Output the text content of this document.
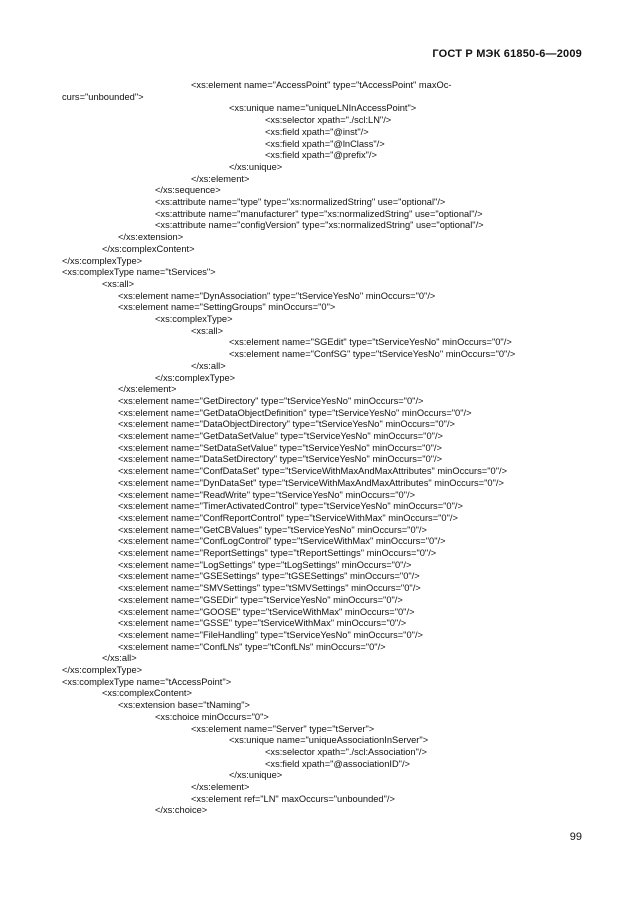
ГОСТ Р МЭК 61850-6—2009
<xs:element name="AccessPoint" type="tAccessPoint" maxOc-
curs="unbounded">
<xs:unique name="uniqueLNInAccessPoint">
<xs:selector xpath="./scl:LN"/>
<xs:field xpath="@inst"/>
<xs:field xpath="@lnClass"/>
<xs:field xpath="@prefix"/>
</xs:unique>
</xs:element>
</xs:sequence>
<xs:attribute name="type" type="xs:normalizedString" use="optional"/>
<xs:attribute name="manufacturer" type="xs:normalizedString" use="optional"/>
<xs:attribute name="configVersion" type="xs:normalizedString" use="optional"/>
</xs:extension>
</xs:complexContent>
</xs:complexType>
<xs:complexType name="tServices">
<xs:all>
<xs:element name="DynAssociation" type="tServiceYesNo" minOccurs="0"/>
<xs:element name="SettingGroups" minOccurs="0">
<xs:complexType>
<xs:all>
<xs:element name="SGEdit" type="tServiceYesNo" minOccurs="0"/>
<xs:element name="ConfSG" type="tServiceYesNo" minOccurs="0"/>
</xs:all>
</xs:complexType>
</xs:element>
<xs:element name="GetDirectory" type="tServiceYesNo" minOccurs="0"/>
<xs:element name="GetDataObjectDefinition" type="tServiceYesNo" minOccurs="0"/>
<xs:element name="DataObjectDirectory" type="tServiceYesNo" minOccurs="0"/>
<xs:element name="GetDataSetValue" type="tServiceYesNo" minOccurs="0"/>
<xs:element name="SetDataSetValue" type="tServiceYesNo" minOccurs="0"/>
<xs:element name="DataSetDirectory" type="tServiceYesNo" minOccurs="0"/>
<xs:element name="ConfDataSet" type="tServiceWithMaxAndMaxAttributes" minOccurs="0"/>
<xs:element name="DynDataSet" type="tServiceWithMaxAndMaxAttributes" minOccurs="0"/>
<xs:element name="ReadWrite" type="tServiceYesNo" minOccurs="0"/>
<xs:element name="TimerActivatedControl" type="tServiceYesNo" minOccurs="0"/>
<xs:element name="ConfReportControl" type="tServiceWithMax" minOccurs="0"/>
<xs:element name="GetCBValues" type="tServiceYesNo" minOccurs="0"/>
<xs:element name="ConfLogControl" type="tServiceWithMax" minOccurs="0"/>
<xs:element name="ReportSettings" type="tReportSettings" minOccurs="0"/>
<xs:element name="LogSettings" type="tLogSettings" minOccurs="0"/>
<xs:element name="GSESettings" type="tGSESettings" minOccurs="0"/>
<xs:element name="SMVSettings" type="tSMVSettings" minOccurs="0"/>
<xs:element name="GSEDir" type="tServiceYesNo" minOccurs="0"/>
<xs:element name="GOOSE" type="tServiceWithMax" minOccurs="0"/>
<xs:element name="GSSE" type="tServiceWithMax" minOccurs="0"/>
<xs:element name="FileHandling" type="tServiceYesNo" minOccurs="0"/>
<xs:element name="ConfLNs" type="tConfLNs" minOccurs="0"/>
</xs:all>
</xs:complexType>
<xs:complexType name="tAccessPoint">
<xs:complexContent>
<xs:extension base="tNaming">
<xs:choice minOccurs="0">
<xs:element name="Server" type="tServer">
<xs:unique name="uniqueAssociationInServer">
<xs:selector xpath="./scl:Association"/>
<xs:field xpath="@associationID"/>
</xs:unique>
</xs:element>
<xs:element ref="LN" maxOccurs="unbounded"/>
</xs:choice>
99
